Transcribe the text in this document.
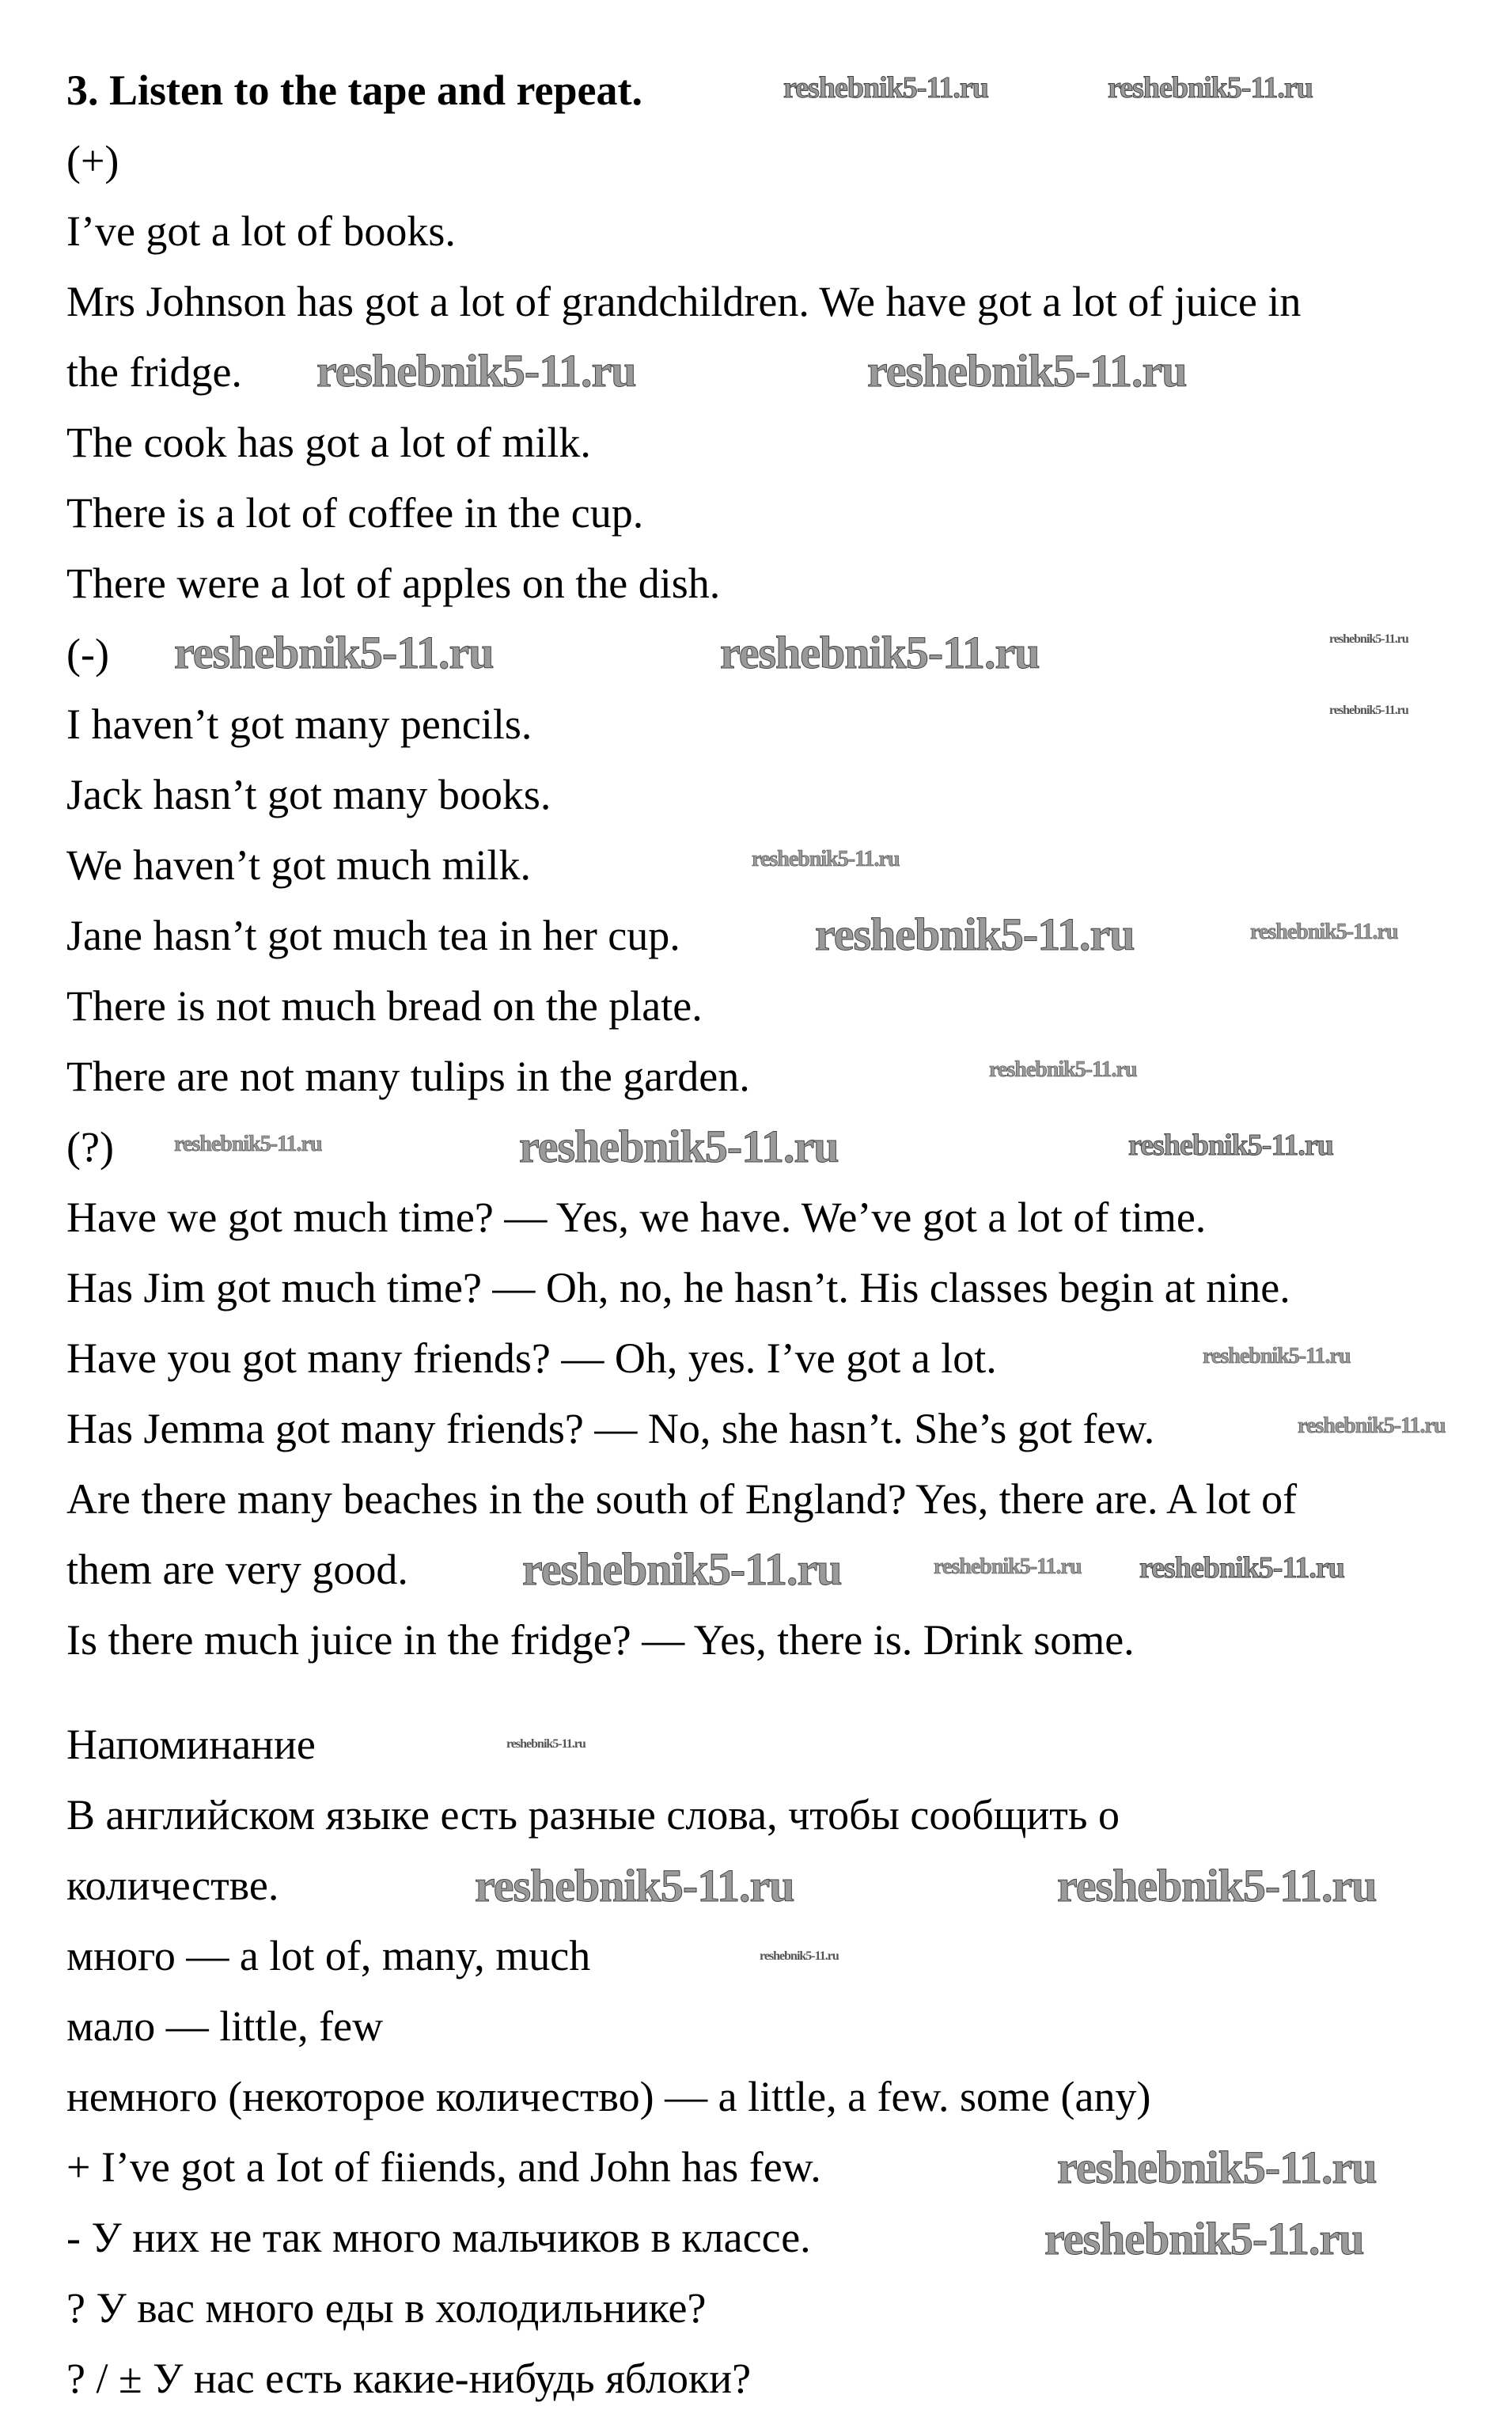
3. Listen to the tape and repeat.
(+)
I’ve got a lot of books.
Mrs Johnson has got a lot of grandchildren. We have got a lot of juice in
the fridge.
The cook has got a lot of milk.
There is a lot of coffee in the cup.
There were a lot of apples on the dish.
(-)
I haven’t got many pencils.
Jack hasn’t got many books.
We haven’t got much milk.
Jane hasn’t got much tea in her cup.
There is not much bread on the plate.
There are not many tulips in the garden.
(?)
Have we got much time? — Yes, we have. We’ve got a lot of time.
Has Jim got much time? — Oh, no, he hasn’t. His classes begin at nine.
Have you got many friends? — Oh, yes. I’ve got a lot.
Has Jemma got many friends? — No, she hasn’t. She’s got few.
Are there many beaches in the south of England? Yes, there are. A lot of
them are very good.
Is there much juice in the fridge? — Yes, there is. Drink some.
Напоминание
В английском языке есть разные слова, чтобы сообщить о
количестве.
много — a lot of, many, much
мало — little, few
немного (некоторое количество) — a little, a few. some (any)
+ I’ve got a Iot of fiiends, and John has few.
- У них не так много мальчиков в классе.
? У вас много еды в холодильнике?
? / ± У нас есть какие-нибудь яблоки?
reshebnik5-11.ru	reshebnik5-11.ru
reshebnik5-11.ru	reshebnik5-11.ru
reshebnik5-11.ru	reshebnik5-11.ru	reshebnik5-11.ru
reshebnik5-11.ru
reshebnik5-11.ru
reshebnik5-11.ru	reshebnik5-11.ru
reshebnik5-11.ru
reshebnik5-11.ru	reshebnik5-11.ru	reshebnik5-11.ru
reshebnik5-11.ru
reshebnik5-11.ru
reshebnik5-11.ru	reshebnik5-11.ru
reshebnik5-11.ru
reshebnik5-11.ru
reshebnik5-11.ru	reshebnik5-11.ru
reshebnik5-11.ru
reshebnik5-11.ru
reshebnik5-11.ru
